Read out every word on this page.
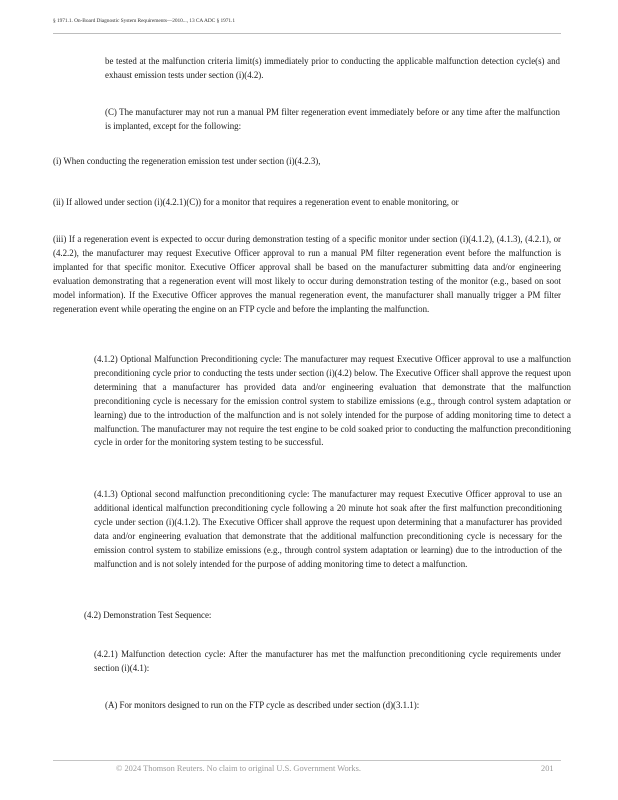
§ 1971.1. On-Board Diagnostic System Requirements—2010..., 13 CA ADC § 1971.1

be tested at the malfunction criteria limit(s) immediately prior to conducting the applicable malfunction detection cycle(s) and exhaust emission tests under section (i)(4.2).

(C) The manufacturer may not run a manual PM filter regeneration event immediately before or any time after the malfunction is implanted, except for the following:

(i) When conducting the regeneration emission test under section (i)(4.2.3),

(ii) If allowed under section (i)(4.2.1)(C)) for a monitor that requires a regeneration event to enable monitoring, or

(iii) If a regeneration event is expected to occur during demonstration testing of a specific monitor under section (i)(4.1.2), (4.1.3), (4.2.1), or (4.2.2), the manufacturer may request Executive Officer approval to run a manual PM filter regeneration event before the malfunction is implanted for that specific monitor. Executive Officer approval shall be based on the manufacturer submitting data and/or engineering evaluation demonstrating that a regeneration event will most likely to occur during demonstration testing of the monitor (e.g., based on soot model information). If the Executive Officer approves the manual regeneration event, the manufacturer shall manually trigger a PM filter regeneration event while operating the engine on an FTP cycle and before the implanting the malfunction.

(4.1.2) Optional Malfunction Preconditioning cycle: The manufacturer may request Executive Officer approval to use a malfunction preconditioning cycle prior to conducting the tests under section (i)(4.2) below. The Executive Officer shall approve the request upon determining that a manufacturer has provided data and/or engineering evaluation that demonstrate that the malfunction preconditioning cycle is necessary for the emission control system to stabilize emissions (e.g., through control system adaptation or learning) due to the introduction of the malfunction and is not solely intended for the purpose of adding monitoring time to detect a malfunction. The manufacturer may not require the test engine to be cold soaked prior to conducting the malfunction preconditioning cycle in order for the monitoring system testing to be successful.

(4.1.3) Optional second malfunction preconditioning cycle: The manufacturer may request Executive Officer approval to use an additional identical malfunction preconditioning cycle following a 20 minute hot soak after the first malfunction preconditioning cycle under section (i)(4.1.2). The Executive Officer shall approve the request upon determining that a manufacturer has provided data and/or engineering evaluation that demonstrate that the additional malfunction preconditioning cycle is necessary for the emission control system to stabilize emissions (e.g., through control system adaptation or learning) due to the introduction of the malfunction and is not solely intended for the purpose of adding monitoring time to detect a malfunction.

(4.2) Demonstration Test Sequence:

(4.2.1) Malfunction detection cycle: After the manufacturer has met the malfunction preconditioning cycle requirements under section (i)(4.1):

(A) For monitors designed to run on the FTP cycle as described under section (d)(3.1.1):

© 2024 Thomson Reuters. No claim to original U.S. Government Works.	201
